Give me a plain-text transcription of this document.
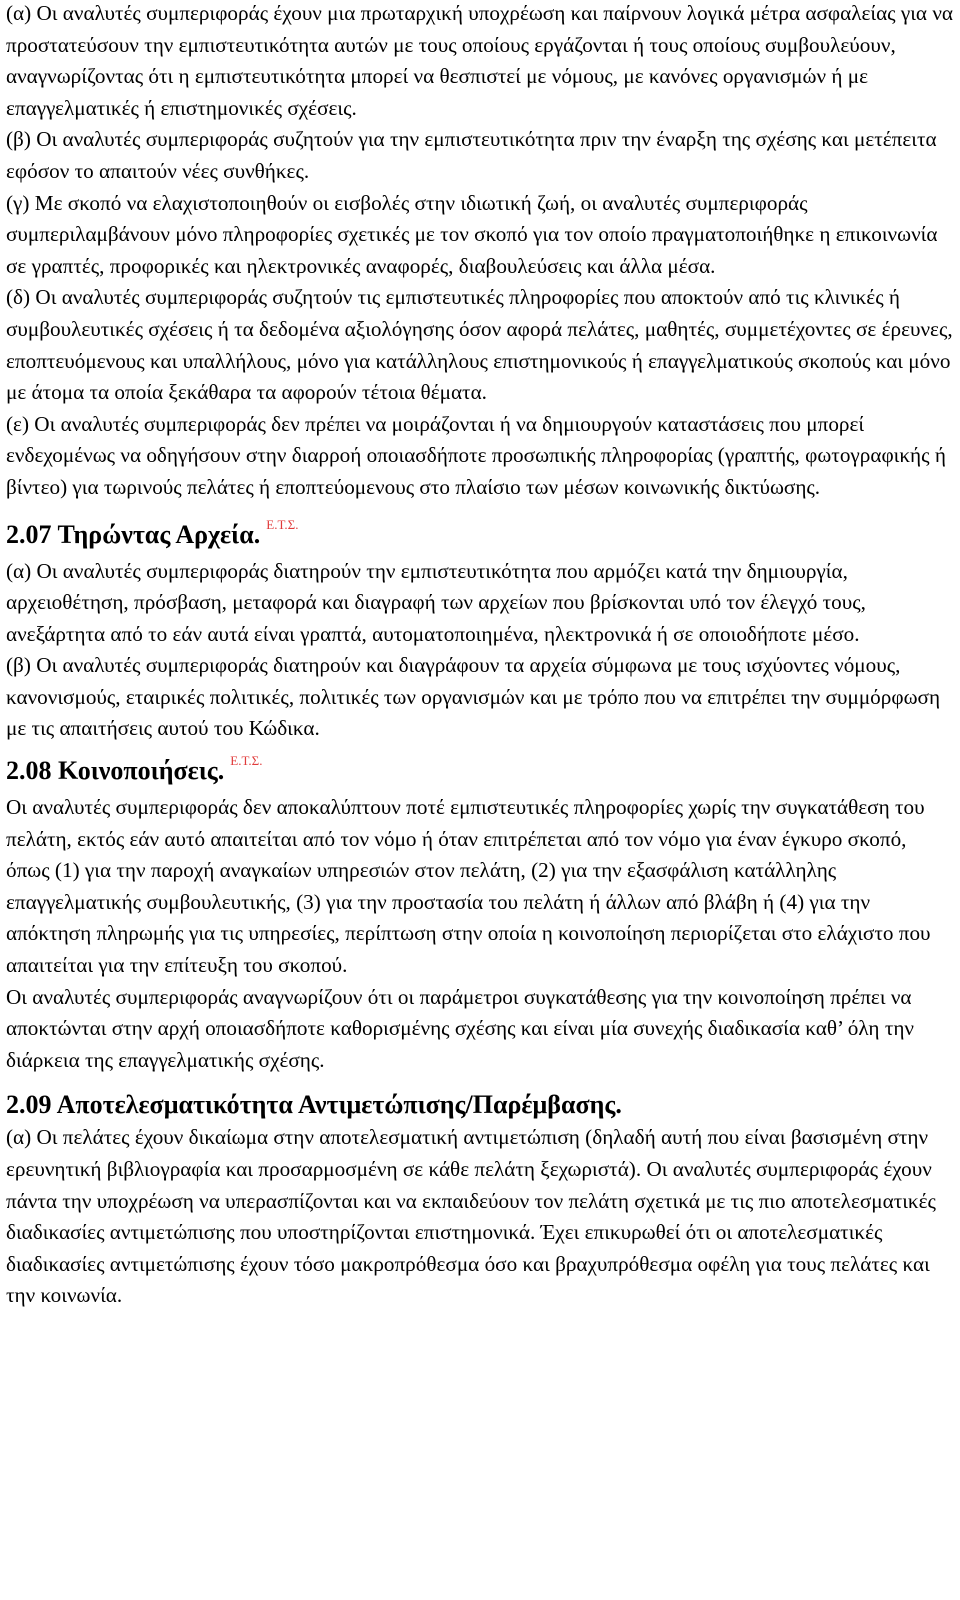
(α) Οι αναλυτές συμπεριφοράς έχουν μια πρωταρχική υποχρέωση και παίρνουν λογικά μέτρα ασφαλείας για να προστατεύσουν την εμπιστευτικότητα αυτών με τους οποίους εργάζονται ή τους οποίους συμβουλεύουν, αναγνωρίζοντας ότι η εμπιστευτικότητα μπορεί να θεσπιστεί με νόμους, με κανόνες οργανισμών ή με επαγγελματικές ή επιστημονικές σχέσεις.

(β) Οι αναλυτές συμπεριφοράς συζητούν για την εμπιστευτικότητα πριν την έναρξη της σχέσης και μετέπειτα εφόσον το απαιτούν νέες συνθήκες.

(γ) Με σκοπό να ελαχιστοποιηθούν οι εισβολές στην ιδιωτική ζωή, οι αναλυτές συμπεριφοράς συμπεριλαμβάνουν μόνο πληροφορίες σχετικές με τον σκοπό για τον οποίο πραγματοποιήθηκε η επικοινωνία σε γραπτές, προφορικές και ηλεκτρονικές αναφορές, διαβουλεύσεις και άλλα μέσα.

(δ) Οι αναλυτές συμπεριφοράς συζητούν τις εμπιστευτικές πληροφορίες που αποκτούν από τις κλινικές ή συμβουλευτικές σχέσεις ή τα δεδομένα αξιολόγησης όσον αφορά πελάτες, μαθητές, συμμετέχοντες σε έρευνες, εποπτευόμενους και υπαλλήλους, μόνο για κατάλληλους επιστημονικούς ή επαγγελματικούς σκοπούς και μόνο με άτομα τα οποία ξεκάθαρα τα αφορούν τέτοια θέματα.

(ε) Οι αναλυτές συμπεριφοράς δεν πρέπει να μοιράζονται ή να δημιουργούν καταστάσεις που μπορεί ενδεχομένως να οδηγήσουν στην διαρροή οποιασδήποτε προσωπικής πληροφορίας (γραπτής, φωτογραφικής ή βίντεο) για τωρινούς πελάτες ή εποπτεύομενους στο πλαίσιο των μέσων κοινωνικής δικτύωσης.

2.07 Τηρώντας Αρχεία. Ε.Τ.Σ.

(α) Οι αναλυτές συμπεριφοράς διατηρούν την εμπιστευτικότητα που αρμόζει κατά την δημιουργία, αρχειοθέτηση, πρόσβαση, μεταφορά και διαγραφή των αρχείων που βρίσκονται υπό τον έλεγχό τους, ανεξάρτητα από το εάν αυτά είναι γραπτά, αυτοματοποιημένα, ηλεκτρονικά ή σε οποιοδήποτε μέσο.

(β) Οι αναλυτές συμπεριφοράς διατηρούν και διαγράφουν τα αρχεία σύμφωνα με τους ισχύοντες νόμους, κανονισμούς, εταιρικές πολιτικές, πολιτικές των οργανισμών και με τρόπο που να επιτρέπει την συμμόρφωση με τις απαιτήσεις αυτού του Κώδικα.

2.08 Κοινοποιήσεις. Ε.Τ.Σ.

Οι αναλυτές συμπεριφοράς δεν αποκαλύπτουν ποτέ εμπιστευτικές πληροφορίες χωρίς την συγκατάθεση του πελάτη, εκτός εάν αυτό απαιτείται από τον νόμο ή όταν επιτρέπεται από τον νόμο για έναν έγκυρο σκοπό, όπως (1) για την παροχή αναγκαίων υπηρεσιών στον πελάτη, (2) για την εξασφάλιση κατάλληλης επαγγελματικής συμβουλευτικής, (3) για την προστασία του πελάτη ή άλλων από βλάβη ή (4) για την απόκτηση πληρωμής για τις υπηρεσίες, περίπτωση στην οποία η κοινοποίηση περιορίζεται στο ελάχιστο που απαιτείται για την επίτευξη του σκοπού.

Οι αναλυτές συμπεριφοράς αναγνωρίζουν ότι οι παράμετροι συγκατάθεσης για την κοινοποίηση πρέπει να αποκτώνται στην αρχή οποιασδήποτε καθορισμένης σχέσης και είναι μία συνεχής διαδικασία καθ’ όλη την διάρκεια της επαγγελματικής σχέσης.

2.09 Αποτελεσματικότητα Αντιμετώπισης/Παρέμβασης.

(α) Οι πελάτες έχουν δικαίωμα στην αποτελεσματική αντιμετώπιση (δηλαδή αυτή που είναι βασισμένη στην ερευνητική βιβλιογραφία και προσαρμοσμένη σε κάθε πελάτη ξεχωριστά). Οι αναλυτές συμπεριφοράς έχουν πάντα την υποχρέωση να υπερασπίζονται και να εκπαιδεύουν τον πελάτη σχετικά με τις πιο αποτελεσματικές διαδικασίες αντιμετώπισης που υποστηρίζονται επιστημονικά. Έχει επικυρωθεί ότι οι αποτελεσματικές διαδικασίες αντιμετώπισης έχουν τόσο μακροπρόθεσμα όσο και βραχυπρόθεσμα οφέλη για τους πελάτες και την κοινωνία.
